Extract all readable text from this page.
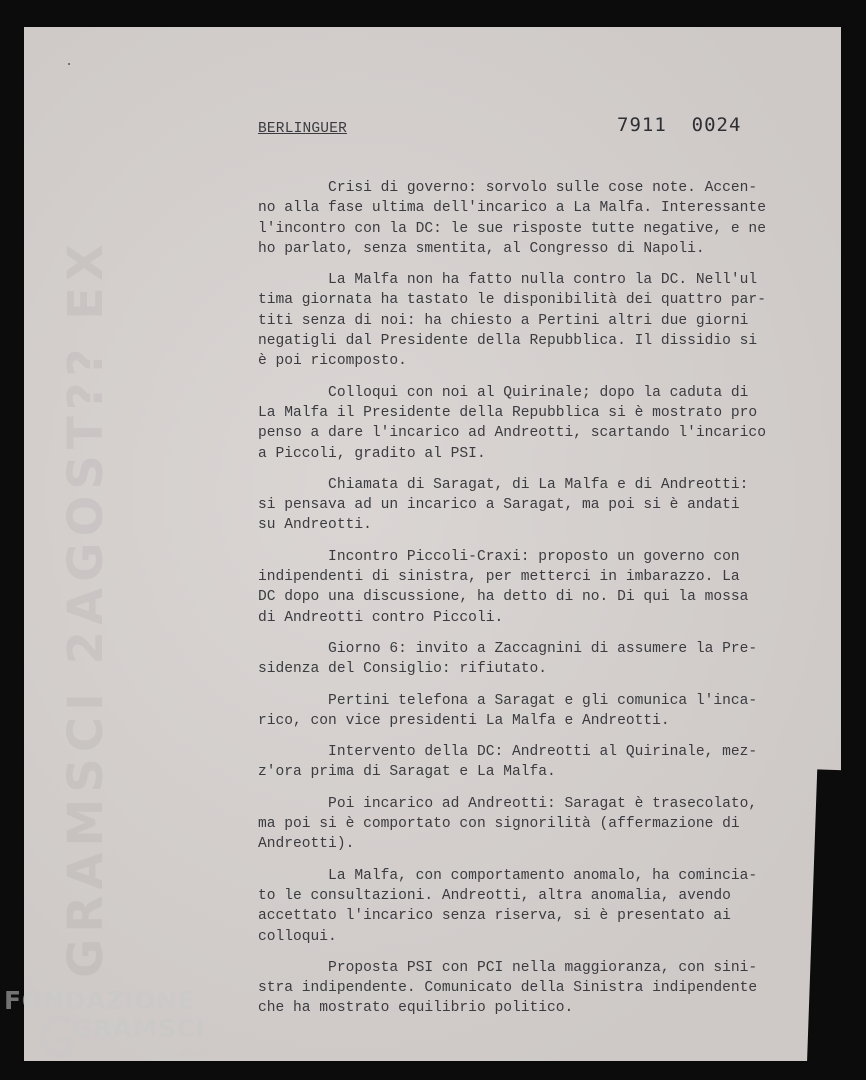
GRAMSCI 2AGOST?? EX
BERLINGUER	7911  0024

Crisi di governo: sorvolo sulle cose note. Accen-
no alla fase ultima dell'incarico a La Malfa. Interessante
l'incontro con la DC: le sue risposte tutte negative, e ne
ho parlato, senza smentita, al Congresso di Napoli.

La Malfa non ha fatto nulla contro la DC. Nell'ul
tima giornata ha tastato le disponibilità dei quattro par-
titi senza di noi: ha chiesto a Pertini altri due giorni
negatigli dal Presidente della Repubblica. Il dissidio si
è poi ricomposto.

Colloqui con noi al Quirinale; dopo la caduta di
La Malfa il Presidente della Repubblica si è mostrato pro
penso a dare l'incarico ad Andreotti, scartando l'incarico
a Piccoli, gradito al PSI.

Chiamata di Saragat, di La Malfa e di Andreotti:
si pensava ad un incarico a Saragat, ma poi si è andati
su Andreotti.

Incontro Piccoli-Craxi: proposto un governo con
indipendenti di sinistra, per metterci in imbarazzo. La
DC dopo una discussione, ha detto di no. Di qui la mossa
di Andreotti contro Piccoli.

Giorno 6: invito a Zaccagnini di assumere la Pre-
sidenza del Consiglio: rifiutato.

Pertini telefona a Saragat e gli comunica l'inca-
rico, con vice presidenti La Malfa e Andreotti.

Intervento della DC: Andreotti al Quirinale, mez-
z'ora prima di Saragat e La Malfa.

Poi incarico ad Andreotti: Saragat è trasecolato,
ma poi si è comportato con signorilità (affermazione di
Andreotti).

La Malfa, con comportamento anomalo, ha comincia-
to le consultazioni. Andreotti, altra anomalia, avendo
accettato l'incarico senza riserva, si è presentato ai
colloqui.

Proposta PSI con PCI nella maggioranza, con sini-
stra indipendente. Comunicato della Sinistra indipendente
che ha mostrato equilibrio politico.

FONDAZIONE
GRAMSCI
onlus
